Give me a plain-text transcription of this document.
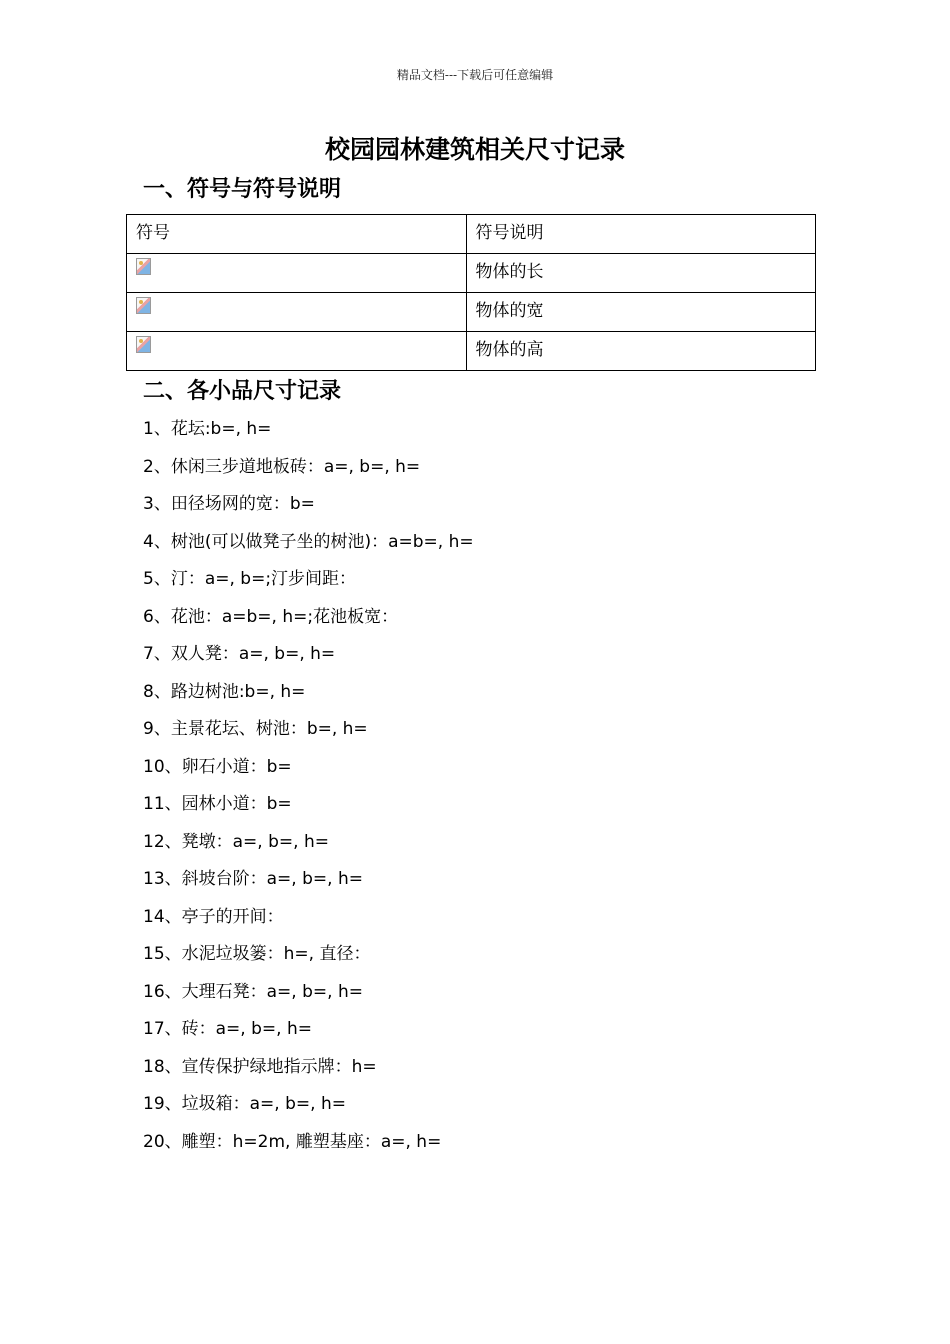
精品文档---下载后可任意编辑
校园园林建筑相关尺寸记录
一、符号与符号说明
符号	符号说明
	物体的长
	物体的宽
	物体的高
二、各小品尺寸记录
1、花坛:b=, h=
2、休闲三步道地板砖：a=, b=, h=
3、田径场网的宽：b=
4、树池(可以做凳子坐的树池)：a=b=, h=
5、汀：a=, b=;汀步间距：
6、花池：a=b=, h=;花池板宽：
7、双人凳：a=, b=, h=
8、路边树池:b=, h=
9、主景花坛、树池：b=, h=
10、卵石小道：b=
11、园林小道：b=
12、凳墩：a=, b=, h=
13、斜坡台阶：a=, b=, h=
14、亭子的开间：
15、水泥垃圾篓：h=, 直径：
16、大理石凳：a=, b=, h=
17、砖：a=, b=, h=
18、宣传保护绿地指示牌：h=
19、垃圾箱：a=, b=, h=
20、雕塑：h=2m, 雕塑基座：a=, h=
